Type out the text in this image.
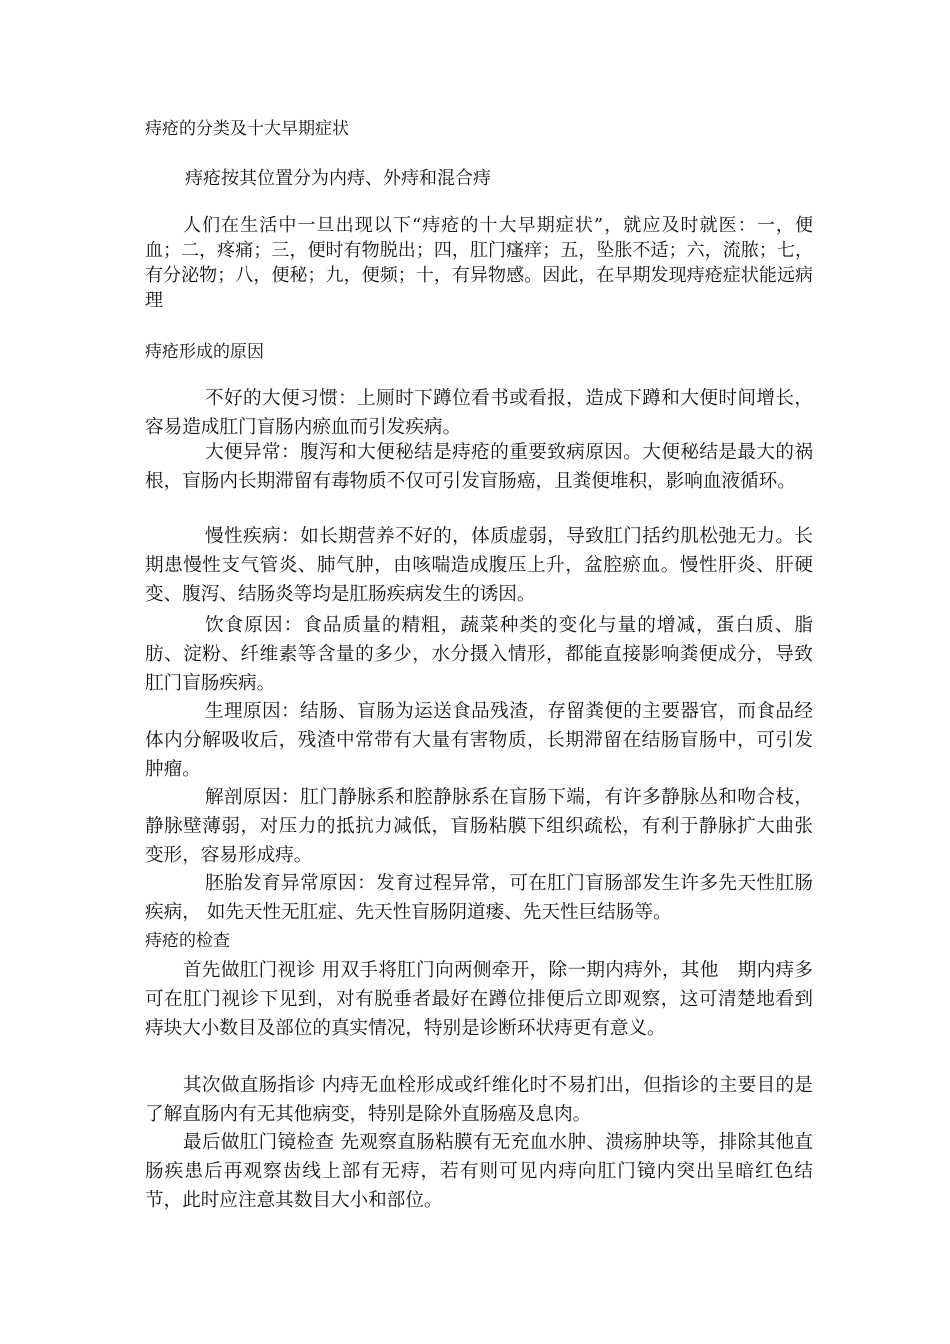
痔疮的分类及十大早期症状

痔疮按其位置分为内痔、外痔和混合痔

人们在生活中一旦出现以下“痔疮的十大早期症状”，就应及时就医：一，便血；二，疼痛；三，便时有物脱出；四，肛门瘙痒；五，坠胀不适；六，流脓；七，有分泌物；八，便秘；九，便频；十，有异物感。因此，在早期发现痔疮症状能远病理

痔疮形成的原因

不好的大便习惯：上厕时下蹲位看书或看报，造成下蹲和大便时间增长，容易造成肛门盲肠内瘀血而引发疾病。

大便异常：腹泻和大便秘结是痔疮的重要致病原因。大便秘结是最大的祸根，盲肠内长期滞留有毒物质不仅可引发盲肠癌，且粪便堆积，影响血液循环。

慢性疾病：如长期营养不好的，体质虚弱，导致肛门括约肌松弛无力。长期患慢性支气管炎、肺气肿，由咳喘造成腹压上升，盆腔瘀血。慢性肝炎、肝硬变、腹泻、结肠炎等均是肛肠疾病发生的诱因。

饮食原因：食品质量的精粗，蔬菜种类的变化与量的增减，蛋白质、脂肪、淀粉、纤维素等含量的多少，水分摄入情形，都能直接影响粪便成分，导致肛门盲肠疾病。

生理原因：结肠、盲肠为运送食品残渣，存留粪便的主要器官，而食品经体内分解吸收后，残渣中常带有大量有害物质，长期滞留在结肠盲肠中，可引发肿瘤。

解剖原因：肛门静脉系和腔静脉系在盲肠下端，有许多静脉丛和吻合枝，静脉壁薄弱，对压力的抵抗力减低，盲肠粘膜下组织疏松，有利于静脉扩大曲张变形，容易形成痔。

胚胎发育异常原因：发育过程异常，可在肛门盲肠部发生许多先天性肛肠疾病， 如先天性无肛症、先天性盲肠阴道瘘、先天性巨结肠等。

痔疮的检查

首先做肛门视诊 用双手将肛门向两侧牵开，除一期内痔外，其他　期内痔多可在肛门视诊下见到，对有脱垂者最好在蹲位排便后立即观察，这可清楚地看到痔块大小数目及部位的真实情况，特别是诊断环状痔更有意义。

其次做直肠指诊 内痔无血栓形成或纤维化时不易扪出，但指诊的主要目的是了解直肠内有无其他病变，特别是除外直肠癌及息肉。

最后做肛门镜检查 先观察直肠粘膜有无充血水肿、溃疡肿块等，排除其他直肠疾患后再观察齿线上部有无痔，若有则可见内痔向肛门镜内突出呈暗红色结节，此时应注意其数目大小和部位。
